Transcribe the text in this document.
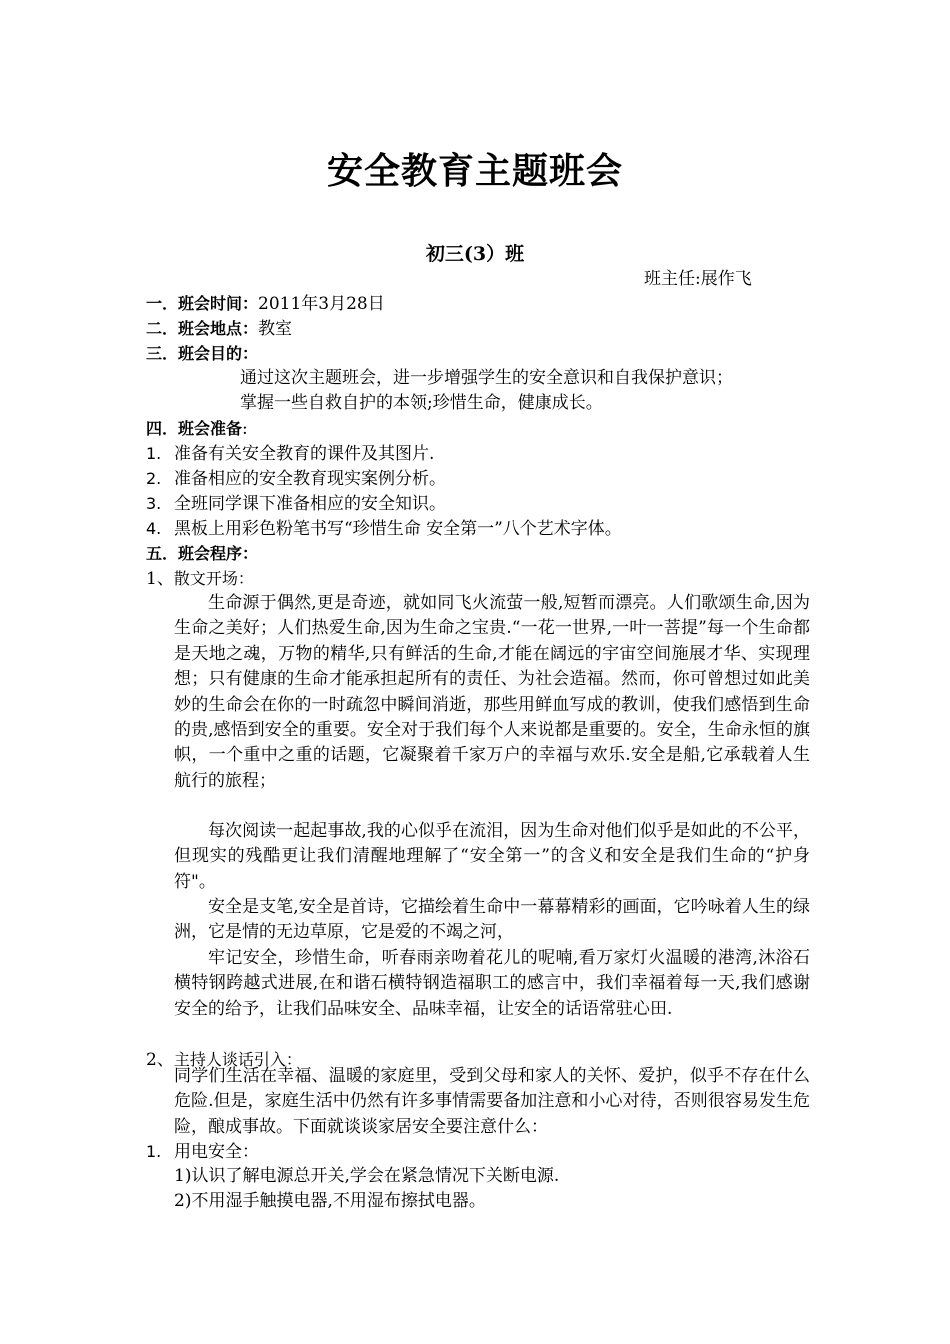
安全教育主题班会
初三(3）班
班主任:展作飞
一．班会时间：2011年3月28日
二．班会地点：教室
三．班会目的：
通过这次主题班会，进一步增强学生的安全意识和自我保护意识；
掌握一些自救自护的本领;珍惜生命，健康成长。
四．班会准备:
1. 准备有关安全教育的课件及其图片.
2. 准备相应的安全教育现实案例分析。
3. 全班同学课下准备相应的安全知识。
4. 黑板上用彩色粉笔书写“珍惜生命 安全第一”八个艺术字体。
五．班会程序：
1、散文开场：
生命源于偶然,更是奇迹，就如同飞火流萤一般,短暂而漂亮。人们歌颂生命,因为生命之美好；人们热爱生命,因为生命之宝贵.“一花一世界,一叶一菩提”每一个生命都是天地之魂，万物的精华,只有鲜活的生命,才能在阔远的宇宙空间施展才华、实现理想；只有健康的生命才能承担起所有的责任、为社会造福。然而，你可曾想过如此美妙的生命会在你的一时疏忽中瞬间消逝，那些用鲜血写成的教训，使我们感悟到生命的贵,感悟到安全的重要。安全对于我们每个人来说都是重要的。安全，生命永恒的旗帜，一个重中之重的话题，它凝聚着千家万户的幸福与欢乐.安全是船,它承载着人生航行的旅程；
每次阅读一起起事故,我的心似乎在流泪，因为生命对他们似乎是如此的不公平，但现实的残酷更让我们清醒地理解了“安全第一”的含义和安全是我们生命的“护身符"。
安全是支笔,安全是首诗，它描绘着生命中一幕幕精彩的画面，它吟咏着人生的绿洲，它是情的无边草原，它是爱的不竭之河，
牢记安全，珍惜生命，听春雨亲吻着花儿的呢喃,看万家灯火温暖的港湾,沐浴石横特钢跨越式进展,在和谐石横特钢造福职工的感言中，我们幸福着每一天,我们感谢安全的给予，让我们品味安全、品味幸福，让安全的话语常驻心田.
2、主持人谈话引入：
同学们生活在幸福、温暖的家庭里，受到父母和家人的关怀、爱护，似乎不存在什么危险.但是，家庭生活中仍然有许多事情需要备加注意和小心对待，否则很容易发生危险，酿成事故。下面就谈谈家居安全要注意什么：
1. 用电安全：
1)认识了解电源总开关,学会在紧急情况下关断电源.
2)不用湿手触摸电器,不用湿布擦拭电器。
